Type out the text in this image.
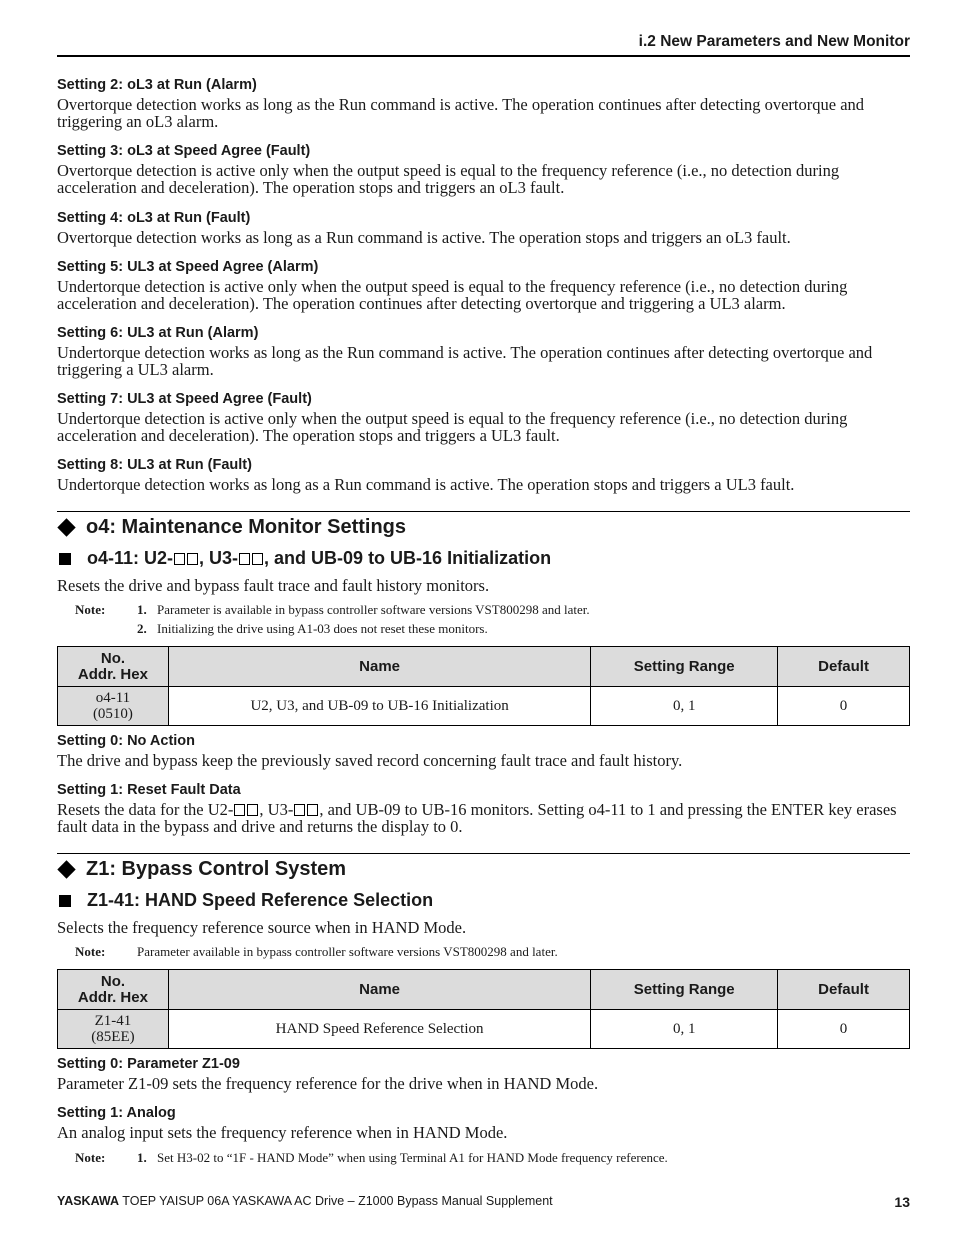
i.2 New Parameters and New Monitor

Setting 2: oL3 at Run (Alarm)

Overtorque detection works as long as the Run command is active. The operation continues after detecting overtorque and triggering an oL3 alarm.

Setting 3: oL3 at Speed Agree (Fault)

Overtorque detection is active only when the output speed is equal to the frequency reference (i.e., no detection during acceleration and deceleration). The operation stops and triggers an oL3 fault.

Setting 4: oL3 at Run (Fault)

Overtorque detection works as long as a Run command is active. The operation stops and triggers an oL3 fault.

Setting 5: UL3 at Speed Agree (Alarm)

Undertorque detection is active only when the output speed is equal to the frequency reference (i.e., no detection during acceleration and deceleration). The operation continues after detecting overtorque and triggering a UL3 alarm.

Setting 6: UL3 at Run (Alarm)

Undertorque detection works as long as the Run command is active. The operation continues after detecting overtorque and triggering a UL3 alarm.

Setting 7: UL3 at Speed Agree (Fault)

Undertorque detection is active only when the output speed is equal to the frequency reference (i.e., no detection during acceleration and deceleration). The operation stops and triggers a UL3 fault.

Setting 8: UL3 at Run (Fault)

Undertorque detection works as long as a Run command is active. The operation stops and triggers a UL3 fault.

o4: Maintenance Monitor Settings
o4-11: U2- , U3- , and UB-09 to UB-16 Initialization

Resets the drive and bypass fault trace and fault history monitors.

Note:	1. Parameter is available in bypass controller software versions VST800298 and later.
2. Initializing the drive using A1-03 does not reset these monitors.
No.
Addr. Hex	Name	Setting Range	Default
o4-11
(0510)	U2, U3, and UB-09 to UB-16 Initialization	0, 1	0

Setting 0: No Action

The drive and bypass keep the previously saved record concerning fault trace and fault history.

Setting 1: Reset Fault Data

Resets the data for the U2- , U3- , and UB-09 to UB-16 monitors. Setting o4-11 to 1 and pressing the ENTER key erases fault data in the bypass and drive and returns the display to 0.

Z1: Bypass Control System
Z1-41: HAND Speed Reference Selection

Selects the frequency reference source when in HAND Mode.

Note:	Parameter available in bypass controller software versions VST800298 and later.
No.
Addr. Hex	Name	Setting Range	Default
Z1-41
(85EE)	HAND Speed Reference Selection	0, 1	0

Setting 0: Parameter Z1-09

Parameter Z1-09 sets the frequency reference for the drive when in HAND Mode.

Setting 1: Analog

An analog input sets the frequency reference when in HAND Mode.

Note:	1. Set H3-02 to “1F - HAND Mode” when using Terminal A1 for HAND Mode frequency reference.
YASKAWA TOEP YAISUP 06A YASKAWA AC Drive – Z1000 Bypass Manual Supplement	13
